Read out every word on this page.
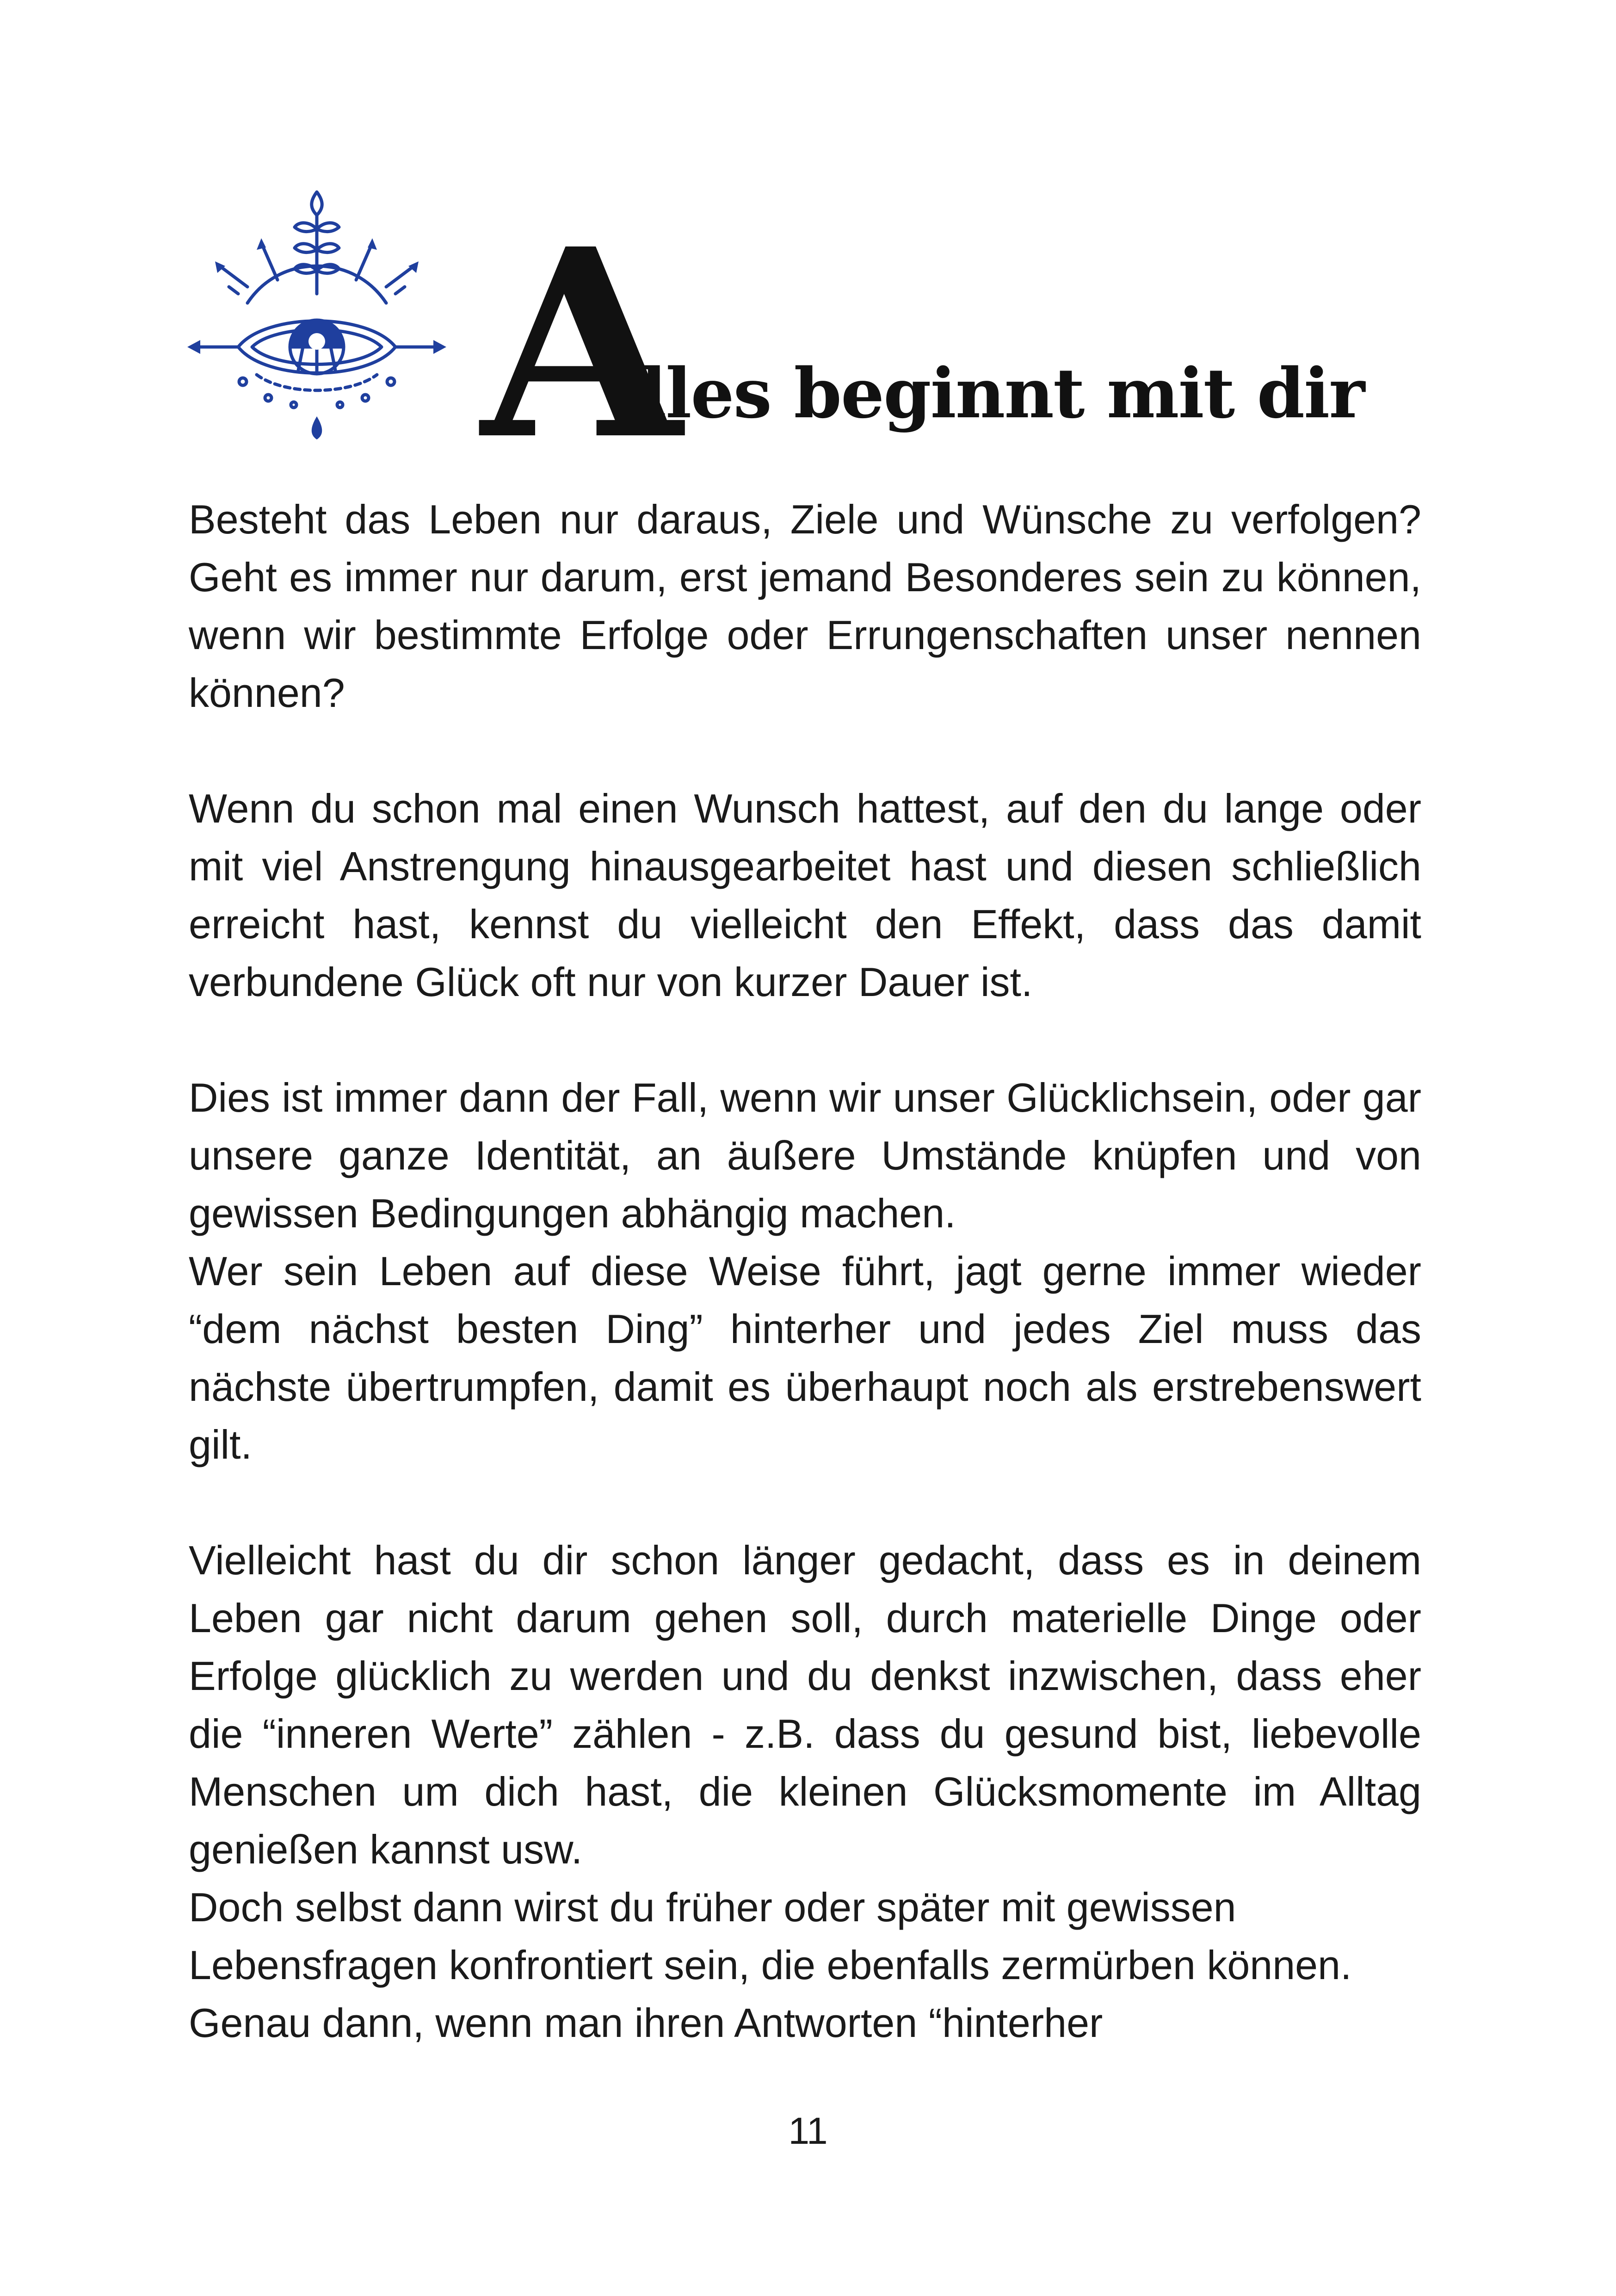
A
lles beginnt mit dir

Besteht das Leben nur daraus, Ziele und Wünsche zu verfolgen? Geht es immer nur darum, erst jemand Besonderes sein zu können, wenn wir bestimmte Erfolge oder Errungenschaften unser nennen können?

Wenn du schon mal einen Wunsch hattest, auf den du lange oder mit viel Anstrengung hinausgearbeitet hast und diesen schließlich erreicht hast, kennst du vielleicht den Effekt, dass das damit verbundene Glück oft nur von kurzer Dauer ist.

Dies ist immer dann der Fall, wenn wir unser Glücklichsein, oder gar unsere ganze Identität, an äußere Umstände knüpfen und von gewissen Bedingungen abhängig machen.

Wer sein Leben auf diese Weise führt, jagt gerne immer wieder “dem nächst besten Ding” hinterher und jedes Ziel muss das nächste übertrumpfen, damit es überhaupt noch als erstrebenswert gilt.

Vielleicht hast du dir schon länger gedacht, dass es in deinem Leben gar nicht darum gehen soll, durch materielle Dinge oder Erfolge glücklich zu werden und du denkst inzwischen, dass eher die “inneren Werte” zählen - z.B. dass du gesund bist, liebevolle Menschen um dich hast, die kleinen Glücksmomente im Alltag genießen kannst usw.

Doch selbst dann wirst du früher oder später mit gewissen Lebensfragen konfrontiert sein, die ebenfalls zermürben können. Genau dann, wenn man ihren Antworten “hinterher

11
